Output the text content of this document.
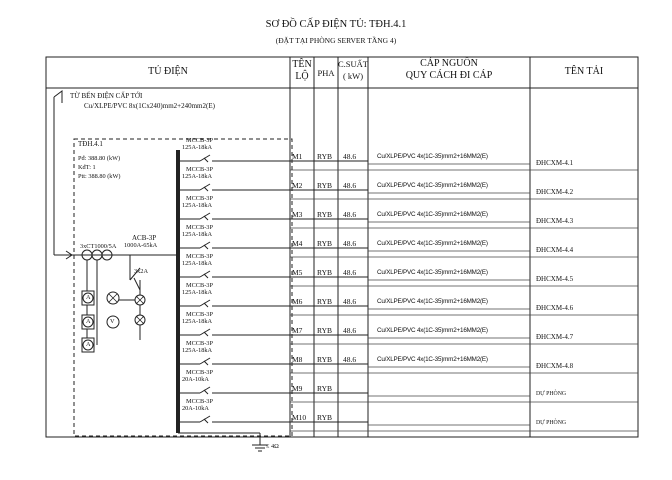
SƠ ĐỒ CẤP ĐIỆN TỦ: TĐH.4.1
(ĐẶT TẠI PHÒNG SERVER TẦNG 4)
TỦ ĐIỆN
TÊN
LỘ	PHA
C.SUẤT
( kW)
CÁP NGUỒN
QUY CÁCH ĐI CÁP	TÊN TẢI
TỪ BẾN ĐIỆN CẤP TỚI
Cu/XLPE/PVC 8x(1Cx240)mm2+240mm2(E)
TĐH.4.1
Pđ: 388.80 (kW)
KđT: 1
Ptt: 388.80 (kW)
3xCT1000/5A
ACB-3P
1000A-65kA
3x2A
A
A
A
V
≤ 4Ω
MCCB-3P
125A-18kA
M1 RYB 48.6	Cu/XLPE/PVC 4x(1C-35)mm2+16MM2(E)
ĐHCXM-4.1
MCCB-3P
125A-18kA
M2 RYB 48.6	Cu/XLPE/PVC 4x(1C-35)mm2+16MM2(E)
ĐHCXM-4.2
MCCB-3P
125A-18kA
M3 RYB 48.6	Cu/XLPE/PVC 4x(1C-35)mm2+16MM2(E)
ĐHCXM-4.3
MCCB-3P
125A-18kA
M4 RYB 48.6	Cu/XLPE/PVC 4x(1C-35)mm2+16MM2(E)
ĐHCXM-4.4
MCCB-3P
125A-18kA
M5 RYB 48.6	Cu/XLPE/PVC 4x(1C-35)mm2+16MM2(E)
ĐHCXM-4.5
MCCB-3P
125A-18kA
M6 RYB 48.6	Cu/XLPE/PVC 4x(1C-35)mm2+16MM2(E)
ĐHCXM-4.6
MCCB-3P
125A-18kA
M7 RYB 48.6	Cu/XLPE/PVC 4x(1C-35)mm2+16MM2(E)
ĐHCXM-4.7
MCCB-3P
125A-18kA
M8 RYB 48.6	Cu/XLPE/PVC 4x(1C-35)mm2+16MM2(E)
ĐHCXM-4.8
MCCB-3P
20A-10kA
M9 RYB
DỰ PHÒNG
MCCB-3P
20A-10kA
M10 RYB
DỰ PHÒNG
